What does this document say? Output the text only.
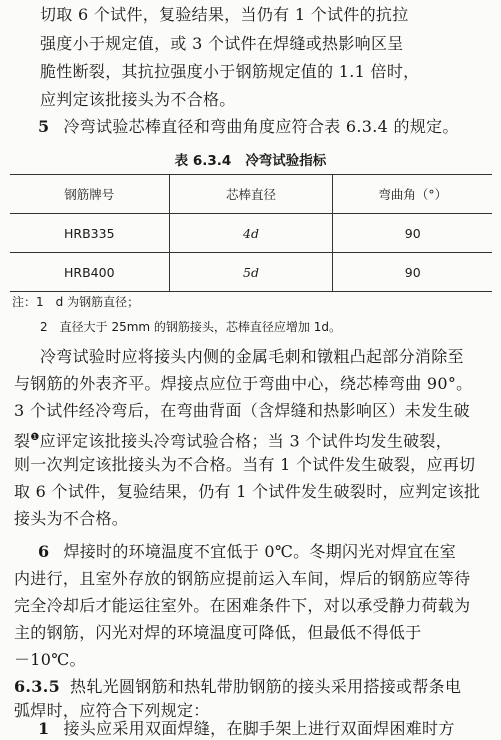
切取 6 个试件，复验结果，当仍有 1 个试件的抗拉
强度小于规定值，或 3 个试件在焊缝或热影响区呈
脆性断裂，其抗拉强度小于钢筋规定值的 1.1 倍时，
应判定该批接头为不合格。
5 冷弯试验芯棒直径和弯曲角度应符合表 6.3.4 的规定。
表 6.3.4 冷弯试验指标
钢筋牌号	芯棒直径	弯曲角（°）
HRB335	4d	90
HRB400	5d	90
注：1　d 为钢筋直径；
2　直径大于 25mm 的钢筋接头，芯棒直径应增加 1d。
冷弯试验时应将接头内侧的金属毛刺和镦粗凸起部分消除至
与钢筋的外表齐平。焊接点应位于弯曲中心，绕芯棒弯曲 90°。
3 个试件经冷弯后，在弯曲背面（含焊缝和热影响区）未发生破
裂$^❶$应评定该批接头冷弯试验合格；当 3 个试件均发生破裂，
则一次判定该批接头为不合格。当有 1 个试件发生破裂，应再切
取 6 个试件，复验结果，仍有 1 个试件发生破裂时，应判定该批
接头为不合格。
6 焊接时的环境温度不宜低于 0℃。冬期闪光对焊宜在室
内进行，且室外存放的钢筋应提前运入车间，焊后的钢筋应等待
完全冷却后才能运往室外。在困难条件下，对以承受静力荷载为
主的钢筋，闪光对焊的环境温度可降低，但最低不得低于
－10℃。
6.3.5 热轧光圆钢筋和热轧带肋钢筋的接头采用搭接或帮条电
弧焊时，应符合下列规定：
1 接头应采用双面焊缝，在脚手架上进行双面焊困难时方
